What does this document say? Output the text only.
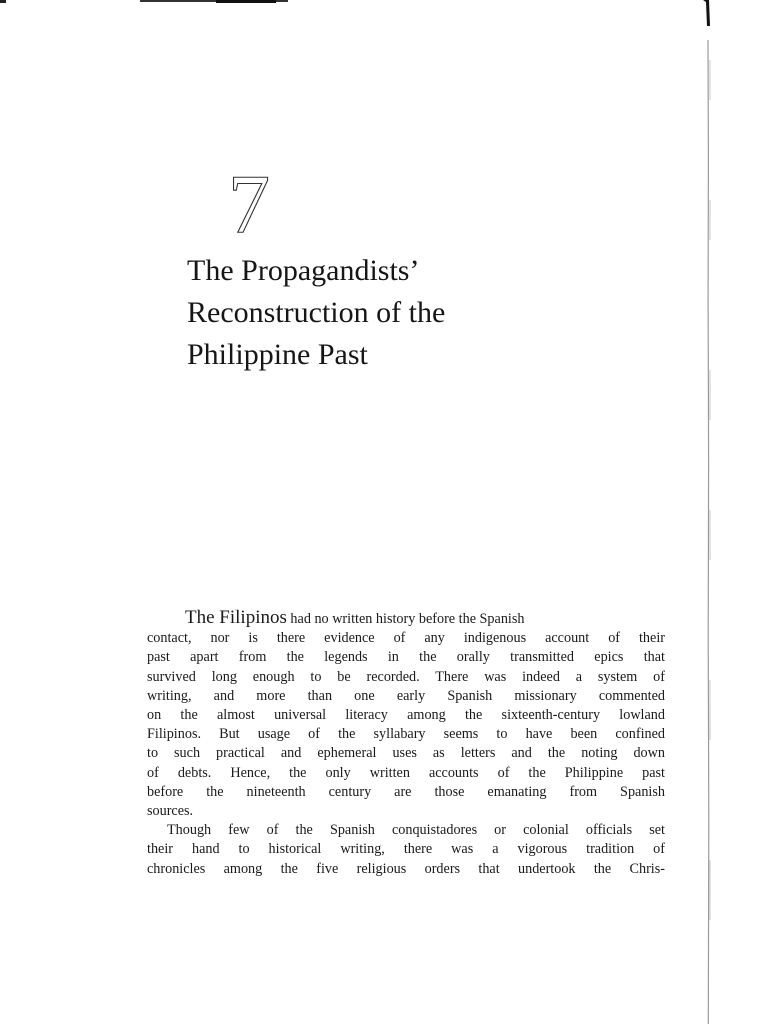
7
The Propagandists’
Reconstruction of the
Philippine Past

The Filipinos had no written history before the Spanish
contact, nor is there evidence of any indigenous account of their
past apart from the legends in the orally transmitted epics that
survived long enough to be recorded. There was indeed a system of
writing, and more than one early Spanish missionary commented
on the almost universal literacy among the sixteenth-century lowland
Filipinos. But usage of the syllabary seems to have been confined
to such practical and ephemeral uses as letters and the noting down
of debts. Hence, the only written accounts of the Philippine past
before the nineteenth century are those emanating from Spanish
sources.

Though few of the Spanish conquistadores or colonial officials set
their hand to historical writing, there was a vigorous tradition of
chronicles among the five religious orders that undertook the Chris-
